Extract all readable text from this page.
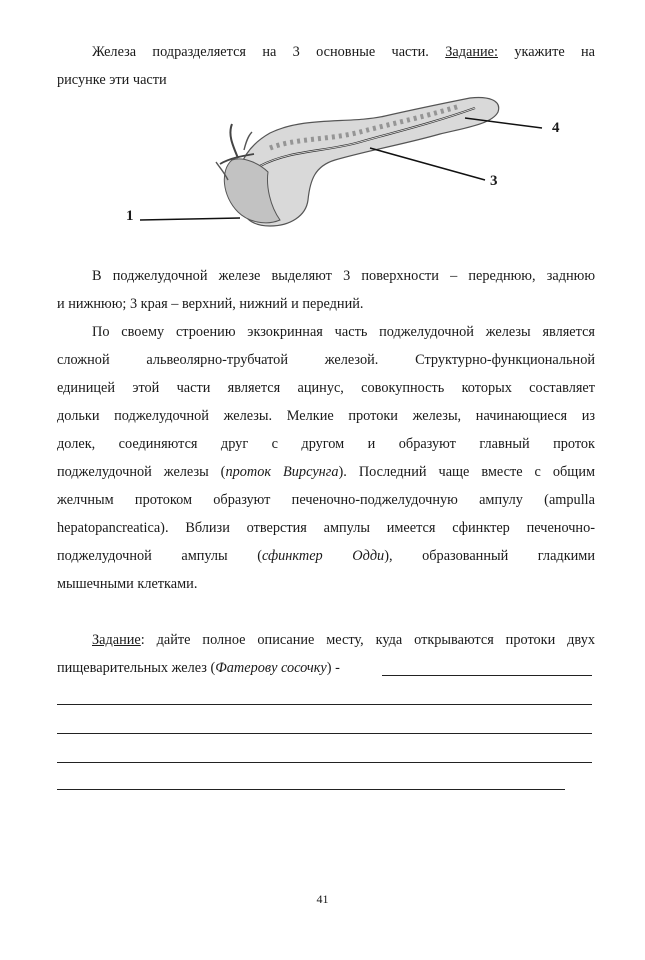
Железа подразделяется на 3 основные части. Задание: укажите на
рисунке эти части
1
3
4
В поджелудочной железе выделяют 3 поверхности – переднюю, заднюю
и нижнюю; 3 края – верхний, нижний и передний.
По своему строению экзокринная часть поджелудочной железы является
сложной альвеолярно-трубчатой железой. Структурно-функциональной
единицей этой части является ацинус, совокупность которых составляет
дольки поджелудочной железы. Мелкие протоки железы, начинающиеся из
долек, соединяются друг с другом и образуют главный проток
поджелудочной железы (проток Вирсунга). Последний чаще вместе с общим
желчным протоком образуют печеночно-поджелудочную ампулу (ampulla
hepatopancreatica). Вблизи отверстия ампулы имеется сфинктер печеночно-
поджелудочной ампулы (сфинктер Одди), образованный гладкими
мышечными клетками.
Задание: дайте полное описание месту, куда открываются протоки двух
пищеварительных желез (Фатерову сосочку) -
41
